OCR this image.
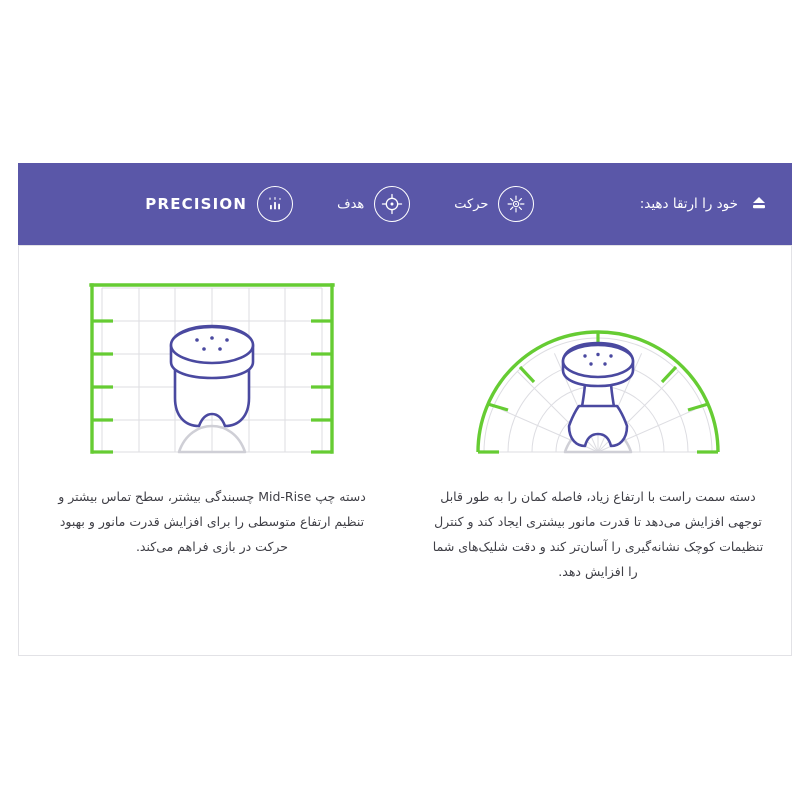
خود را ارتقا دهید:
حرکت
هدف
PRECISION
دسته سمت راست با ارتفاع زیاد، فاصله کمان را به طور قابل توجهی افزایش می‌دهد تا قدرت مانور بیشتری ایجاد کند و کنترل تنظیمات کوچک نشانه‌گیری را آسان‌تر کند و دقت شلیک‌های شما را افزایش دهد.
دسته چپ Mid-Rise چسبندگی بیشتر، سطح تماس بیشتر و تنظیم ارتفاع متوسطی را برای افزایش قدرت مانور و بهبود حرکت در بازی فراهم می‌کند.
